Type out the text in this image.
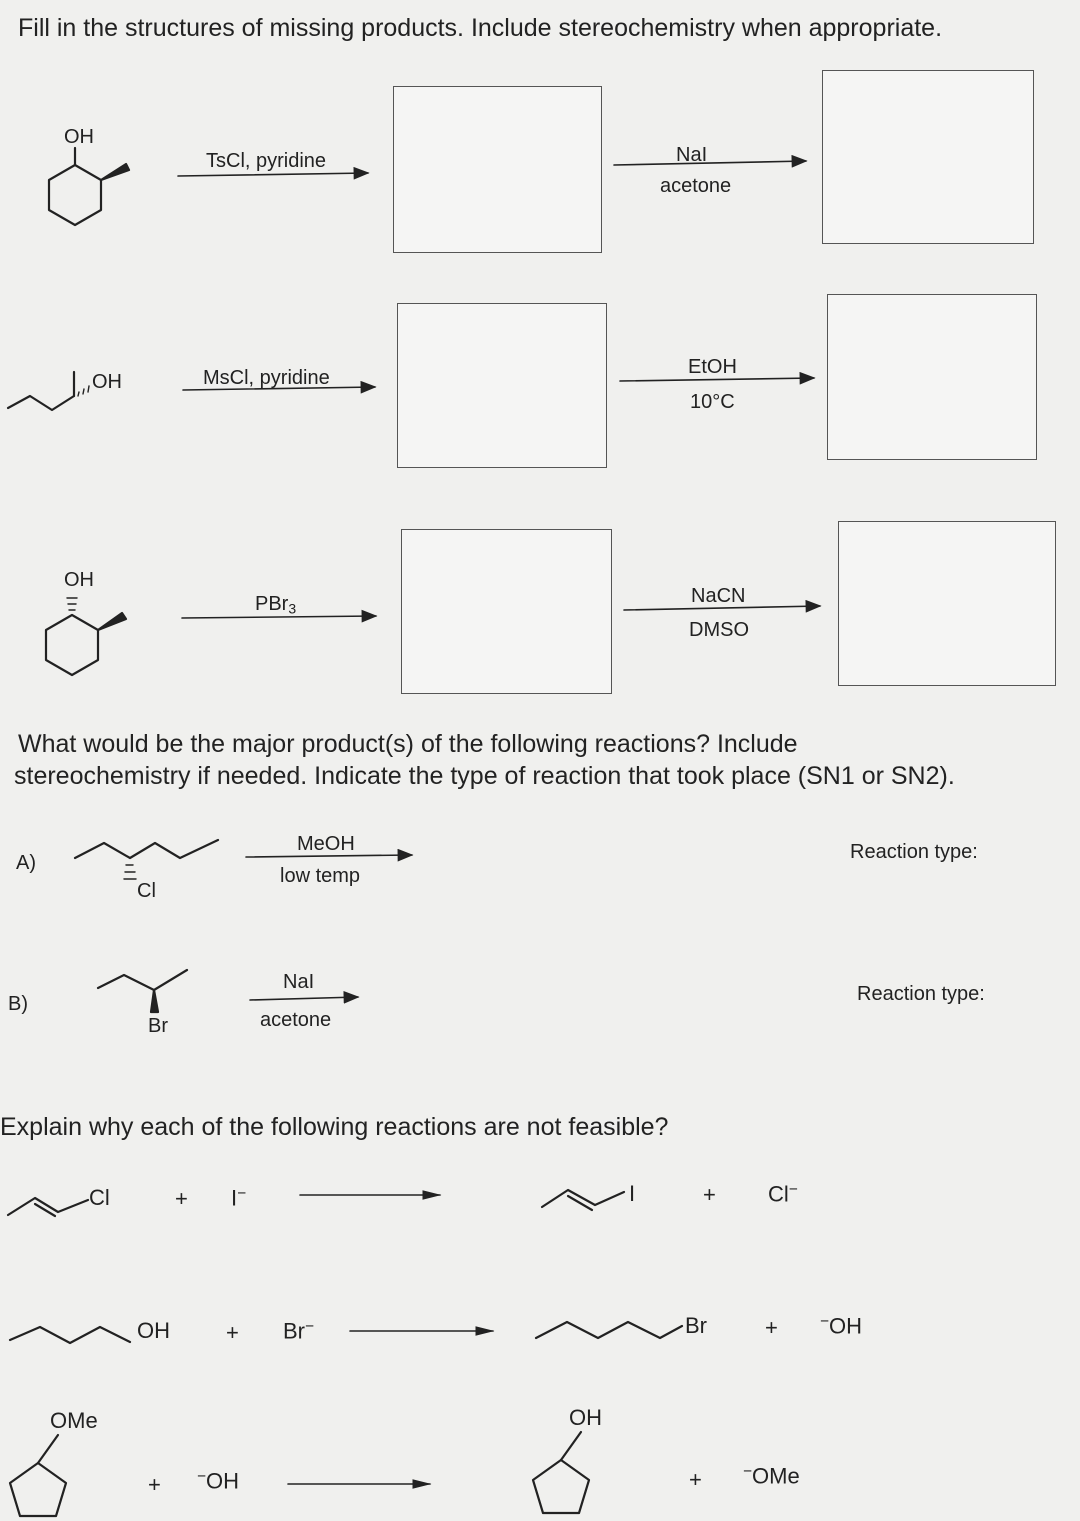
Fill in the structures of missing products. Include stereochemistry when appropriate.
OH
TsCl, pyridine	NaI
acetone
OH	MsCl, pyridine	EtOH
10°C
OH
PBr$_3$
NaCN
DMSO
What would be the major product(s) of the following reactions? Include
stereochemistry if needed. Indicate the type of reaction that took place (SN1 or SN2).
A)
Cl
MeOH
low temp
Reaction type:
B)
Br
NaI
acetone
Reaction type:
Explain why each of the following reactions are not feasible?
Cl	+ I−	I	+ Cl−
OH	+ Br−	Br	+	−OH
OMe
+ −OH
OH
+	−OMe
